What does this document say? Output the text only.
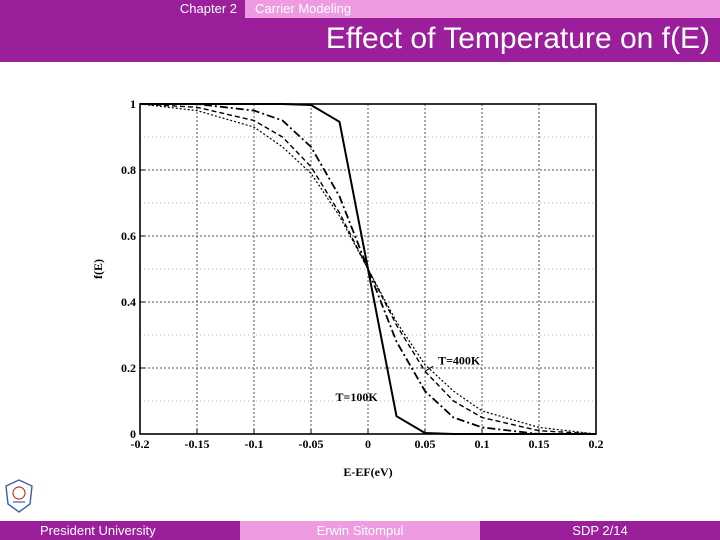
Chapter 2 Carrier Modeling
Effect of Temperature on f(E)
-0.2	-0.15	-0.1	-0.05	0	0.05	0.1	0.15	0.2
0
0.2
0.4
0.6
0.8
1
E-EF(eV)
f(E)
T=400K
T=100K
President University	Erwin Sitompul	SDP 2/14
